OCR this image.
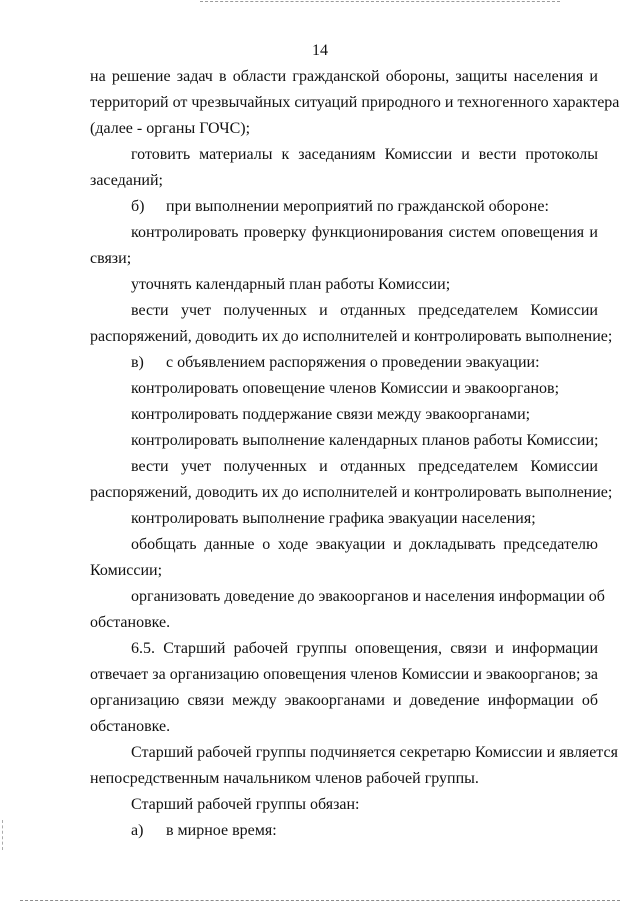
14
на решение задач в области гражданской обороны, защиты населения и
территорий от чрезвычайных ситуаций природного и техногенного характера
(далее - органы ГОЧС);
готовить материалы к заседаниям Комиссии и вести протоколы
заседаний;
б) при выполнении мероприятий по гражданской обороне:
контролировать проверку функционирования систем оповещения и
связи;
уточнять календарный план работы Комиссии;
вести учет полученных и отданных председателем Комиссии
распоряжений, доводить их до исполнителей и контролировать выполнение;
в) с объявлением распоряжения о проведении эвакуации:
контролировать оповещение членов Комиссии и эвакоорганов;
контролировать поддержание связи между эвакоорганами;
контролировать выполнение календарных планов работы Комиссии;
вести учет полученных и отданных председателем Комиссии
распоряжений, доводить их до исполнителей и контролировать выполнение;
контролировать выполнение графика эвакуации населения;
обобщать данные о ходе эвакуации и докладывать председателю
Комиссии;
организовать доведение до эвакоорганов и населения информации об
обстановке.
6.5. Старший рабочей группы оповещения, связи и информации
отвечает за организацию оповещения членов Комиссии и эвакоорганов; за
организацию связи между эвакоорганами и доведение информации об
обстановке.
Старший рабочей группы подчиняется секретарю Комиссии и является
непосредственным начальником членов рабочей группы.
Старший рабочей группы обязан:
а) в мирное время:
